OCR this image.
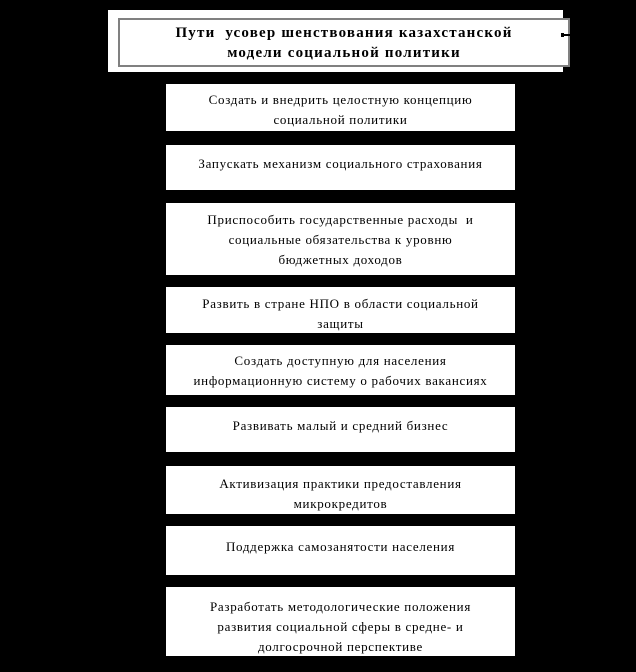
Пути  усовер шенствования казахстанской
модели социальной политики
Создать и внедрить целостную концепцию
социальной политики
Запускать механизм социального страхования
Приспособить государственные расходы  и
социальные обязательства к уровню
бюджетных доходов
Развить в стране НПО в области социальной
защиты
Создать доступную для населения
информационную систему о рабочих вакансиях
Развивать малый и средний бизнес
Активизация практики предоставления
микрокредитов
Поддержка самозанятости населения
Разработать методологические положения
развития социальной сферы в средне- и
долгосрочной перспективе
